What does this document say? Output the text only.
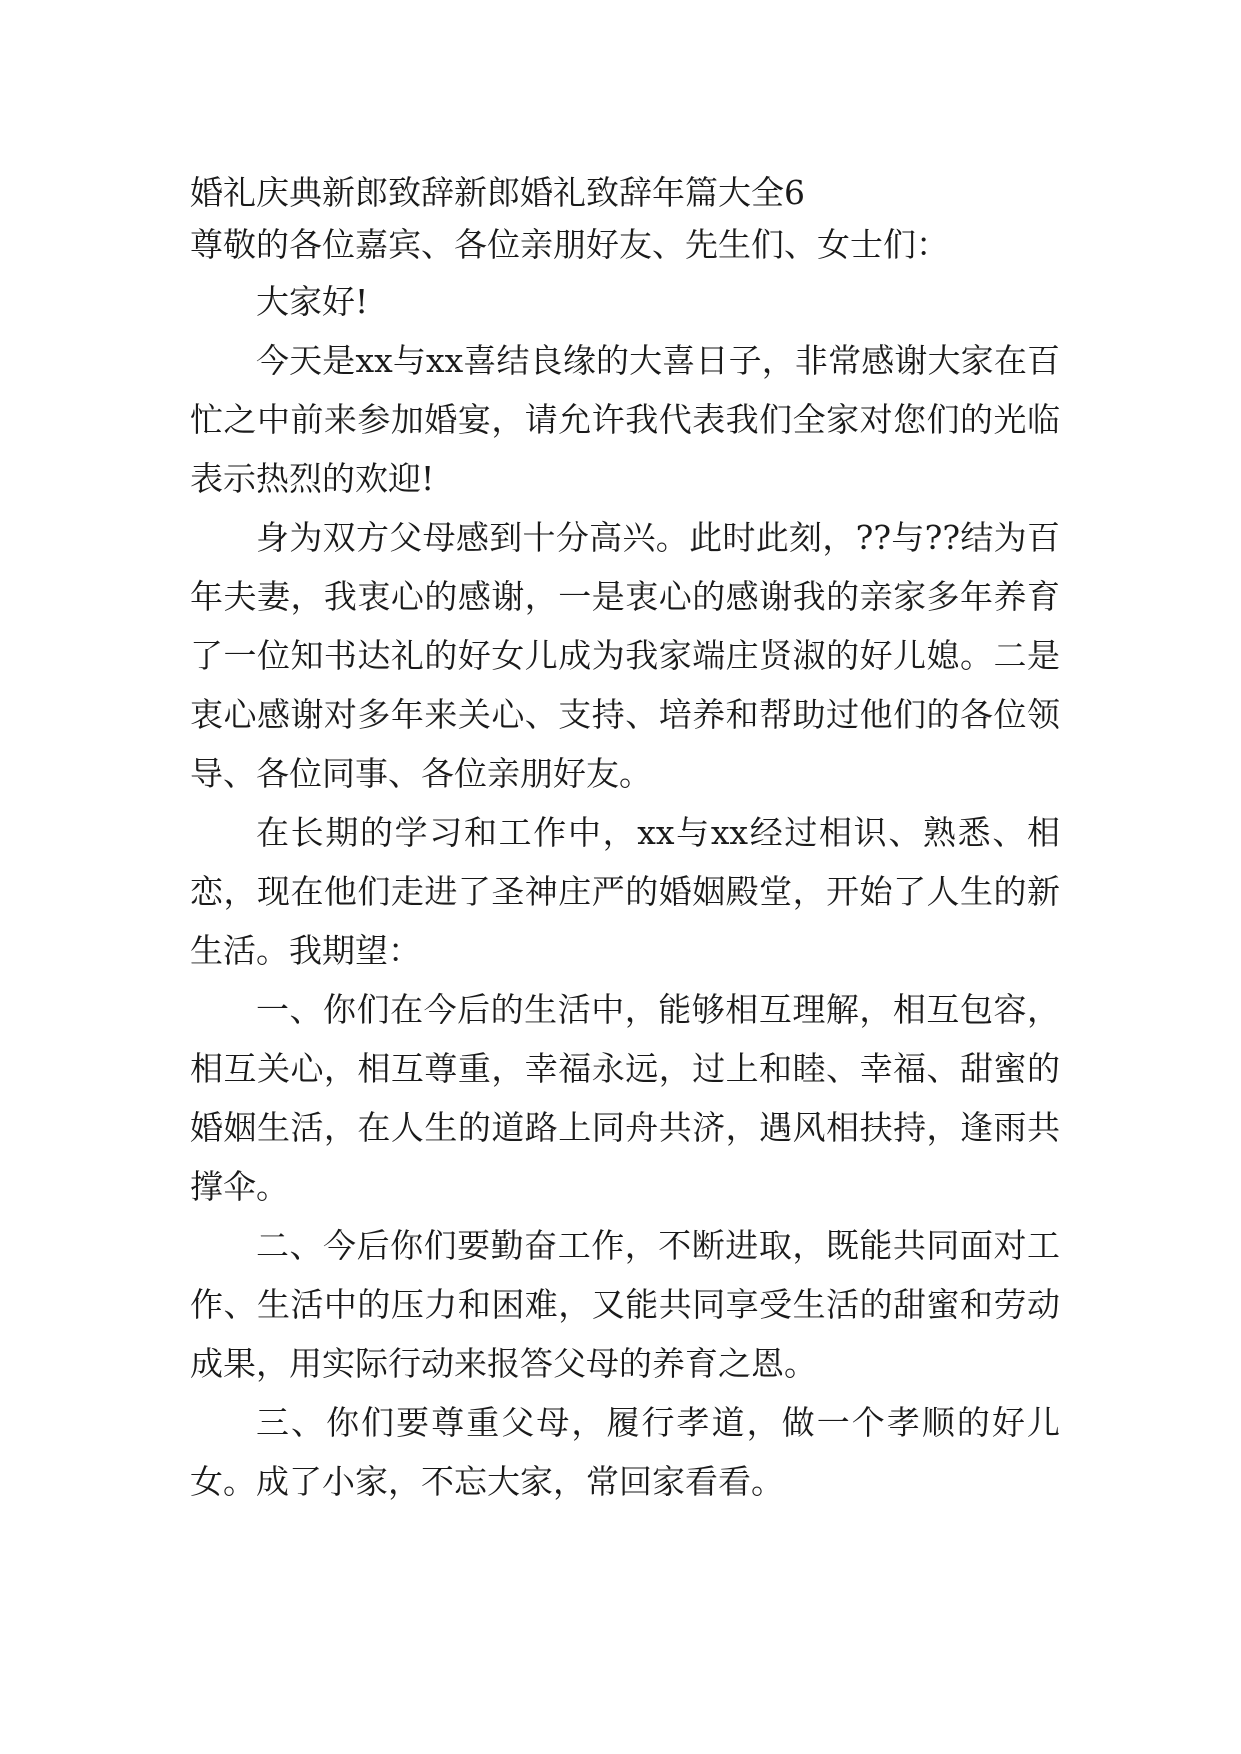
婚礼庆典新郎致辞新郎婚礼致辞年篇大全6

尊敬的各位嘉宾、各位亲朋好友、先生们、女士们：

大家好!

今天是xx与xx喜结良缘的大喜日子，非常感谢大家在百忙之中前来参加婚宴，请允许我代表我们全家对您们的光临表示热烈的欢迎!

身为双方父母感到十分高兴。此时此刻，??与??结为百年夫妻，我衷心的感谢，一是衷心的感谢我的亲家多年养育了一位知书达礼的好女儿成为我家端庄贤淑的好儿媳。二是衷心感谢对多年来关心、支持、培养和帮助过他们的各位领导、各位同事、各位亲朋好友。

在长期的学习和工作中，xx与xx经过相识、熟悉、相恋，现在他们走进了圣神庄严的婚姻殿堂，开始了人生的新生活。我期望：

一、你们在今后的生活中，能够相互理解，相互包容，相互关心，相互尊重，幸福永远，过上和睦、幸福、甜蜜的婚姻生活，在人生的道路上同舟共济，遇风相扶持，逢雨共撑伞。

二、今后你们要勤奋工作，不断进取，既能共同面对工作、生活中的压力和困难，又能共同享受生活的甜蜜和劳动成果，用实际行动来报答父母的养育之恩。

三、你们要尊重父母，履行孝道，做一个孝顺的好儿女。成了小家，不忘大家，常回家看看。
